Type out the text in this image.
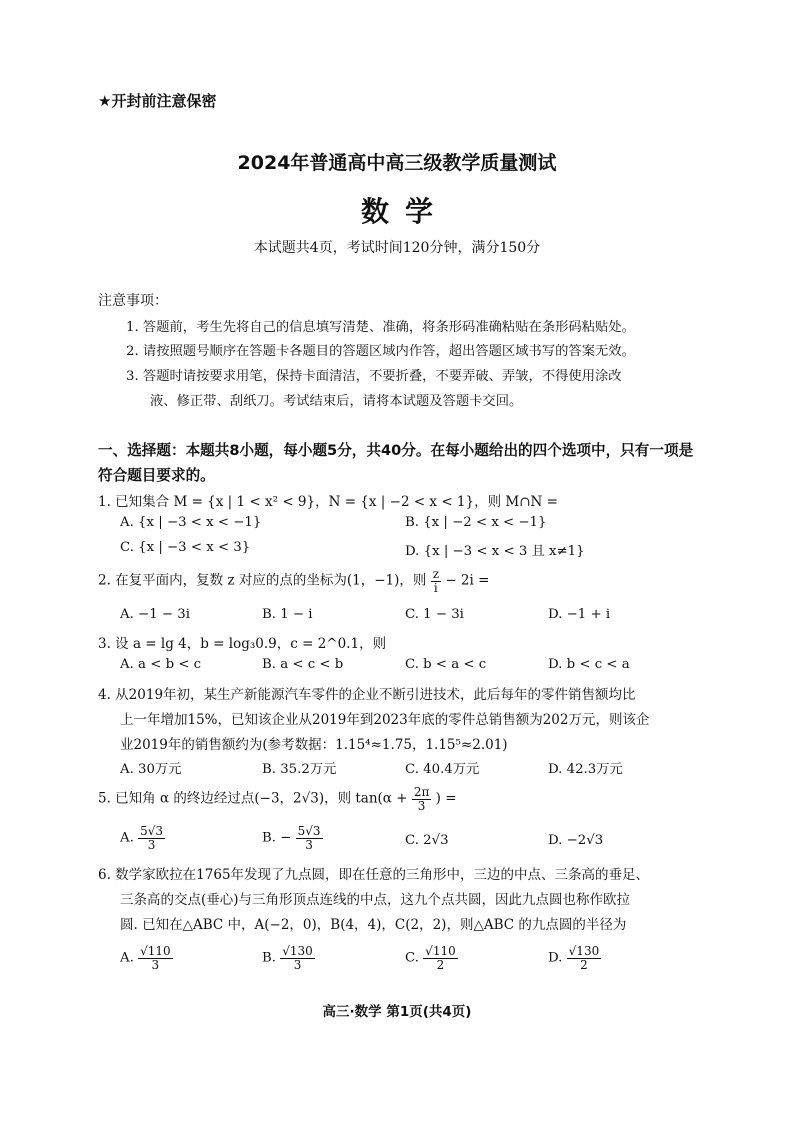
★开封前注意保密
2024年普通高中高三级教学质量测试
数学
本试题共4页，考试时间120分钟，满分150分
注意事项：
1. 答题前，考生先将自己的信息填写清楚、准确，将条形码准确粘贴在条形码粘贴处。
2. 请按照题号顺序在答题卡各题目的答题区域内作答，超出答题区域书写的答案无效。
3. 答题时请按要求用笔，保持卡面清洁，不要折叠，不要弄破、弄皱，不得使用涂改
液、修正带、刮纸刀。考试结束后，请将本试题及答题卡交回。
一、选择题：本题共8小题，每小题5分，共40分。在每小题给出的四个选项中，只有一项是符合题目要求的。
1. 已知集合 M = {x | 1 < x² < 9}，N = {x | −2 < x < 1}，则 M∩N =
A. {x | −3 < x < −1}	B. {x | −2 < x < −1}
C. {x | −3 < x < 3}	D. {x | −3 < x < 3 且 x≠1}
2. 在复平面内，复数 z 对应的点的坐标为(1，−1)，则 $\frac{z}{i} - 2i$ =
A. −1 − 3i	B. 1 − i	C. 1 − 3i	D. −1 + i
3. 设 a = lg 4，b = log₃0.9，c = 2^0.1，则
A. a < b < c	B. a < c < b	C. b < a < c	D. b < c < a
4. 从2019年初，某生产新能源汽车零件的企业不断引进技术，此后每年的零件销售额均比
上一年增加15%，已知该企业从2019年到2023年底的零件总销售额为202万元，则该企
业2019年的销售额约为(参考数据：1.15⁴≈1.75，1.15⁵≈2.01)
A. 30万元	B. 35.2万元	C. 40.4万元	D. 42.3万元
5. 已知角 α 的终边经过点(−3，2√3)，则 $\tan(\alpha + \frac{2\pi}{3}$ ) =
A. $\frac{5√3}{3}$	B. − $\frac{5√3}{3}$	C. 2√3	D. −2√3
6. 数学家欧拉在1765年发现了九点圆，即在任意的三角形中，三边的中点、三条高的垂足、
三条高的交点(垂心)与三角形顶点连线的中点，这九个点共圆，因此九点圆也称作欧拉
圆. 已知在△ABC 中，A(−2，0)，B(4，4)，C(2，2)，则△ABC 的九点圆的半径为
A. $\frac{√110}{3}$	B. $\frac{√130}{3}$	C. $\frac{√110}{2}$	D. $\frac{√130}{2}$
高三·数学 第1页(共4页)
